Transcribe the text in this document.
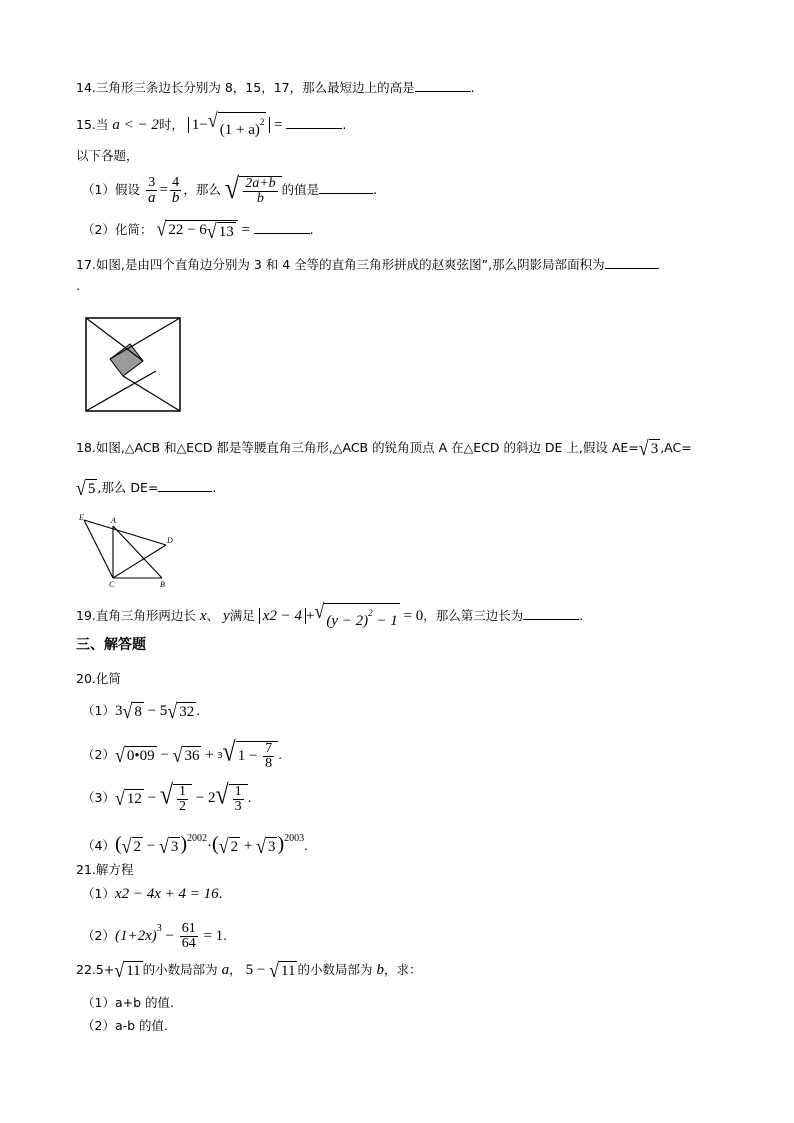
14.三角形三条边长分别为 8，15，17，那么最短边上的高是	.
15.当 a < − 2时， 1− √ $(1 + a)^2$ =	.
以下各题，
（1）假设 $\frac{3}{a} = \frac{4}{b}$ ，那么 √ $\frac{2a+b}{b}$ 的值是	.
（2）化简： √ 22 − 6 √ 13 =	.
17.如图,是由四个直角边分别为 3 和 4 全等的直角三角形拼成的赵爽弦图”,那么阴影局部面积为
.
18.如图,△ACB 和△ECD 都是等腰直角三角形,△ACB 的锐角顶点 A 在△ECD 的斜边 DE 上,假设 AE= √ 3 ,AC=
√ 5 ,那么 DE=	.
E	A
D
C	B
19.直角三角形两边长 x、 y满足 x2 − 4 + √ $(y - 2)^2 - 1 = 0$，那么第三边长为	.
三、解答题
20.化简
（1）3 √ 8 − 5 √ 32 .
（2） √ 0•09 − √ 36 + 3 √ $1 - \frac{7}{8}$ .
（3） √ 12 − √ $\frac{1}{2} - 2$ √ $\frac{1}{3}$ .
（4）( √ 2 − √ 3 )$^{2002}$·( √ 2 + √ 3 )$^{2003}$.
21.解方程
（1）x2 − 4x + 4 = 16.
$(2)(1+2x)^3 - \frac{61}{64} = 1$.
22.5+ √ 11 的小数局部为 a， 5 − √ 11 的小数局部为 b，求：
（1）a+b 的值.
（2）a-b 的值.
